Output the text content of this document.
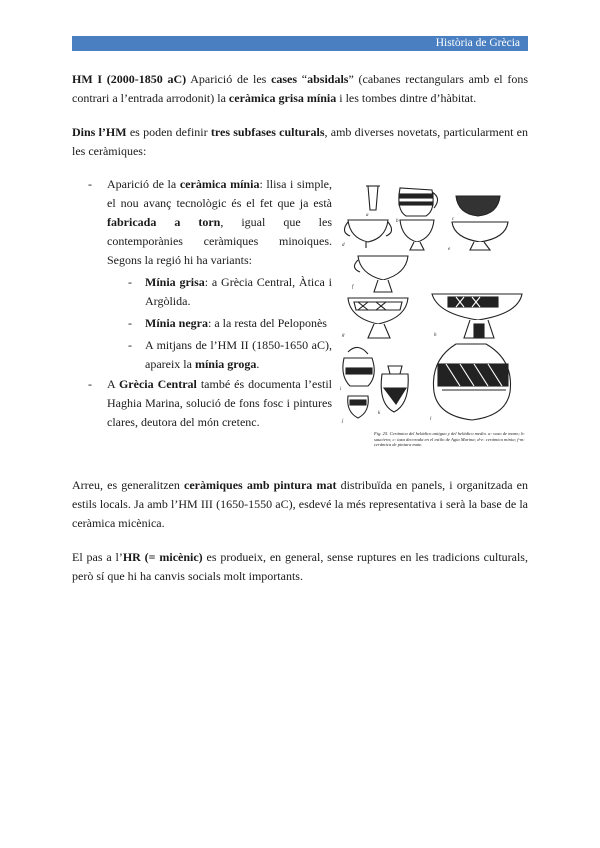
Història de Grècia

HM I (2000-1850 aC) Aparició de les cases “absidals” (cabanes rectangulars amb el fons contrari a l’entrada arrodonit) la ceràmica grisa mínia i les tombes dintre d’hàbitat.

Dins l’HM es poden definir tres subfases culturals, amb diverses novetats, particularment en les ceràmiques:

- Aparició de la ceràmica mínia: llisa i simple, el nou avanç tecnològic és el fet que ja està fabricada a torn, igual que les contemporànies ceràmiques minoiques. Segons la regió hi ha variants:
- Mínia grisa: a Grècia Central, Àtica i Argòlida.
- Mínia negra: a la resta del Peloponès
- A mitjans de l’HM II (1850-1650 aC), apareix la mínia groga.
- A Grècia Central també és documenta l’estil Haghia Marina, solució de fons fosc i pintures clares, deutora del món cretenc.
a
b	c
d
e
f
g	h
i
j
k
l
Fig. 25. Cerámica del heládico antiguo y del heládico medio. a: vaso de mano; b: sauciera; c: taza decorada en el estilo de Agia Marina; d-e: cerámica minia; f-m: cerámica de pintura mate.

Arreu, es generalitzen ceràmiques amb pintura mat distribuïda en panels, i organitzada en estils locals. Ja amb l’HM III (1650-1550 aC), esdevé la més representativa i serà la base de la ceràmica micènica.

El pas a l’HR (= micènic) es produeix, en general, sense ruptures en les tradicions culturals, però sí que hi ha canvis socials molt importants.
